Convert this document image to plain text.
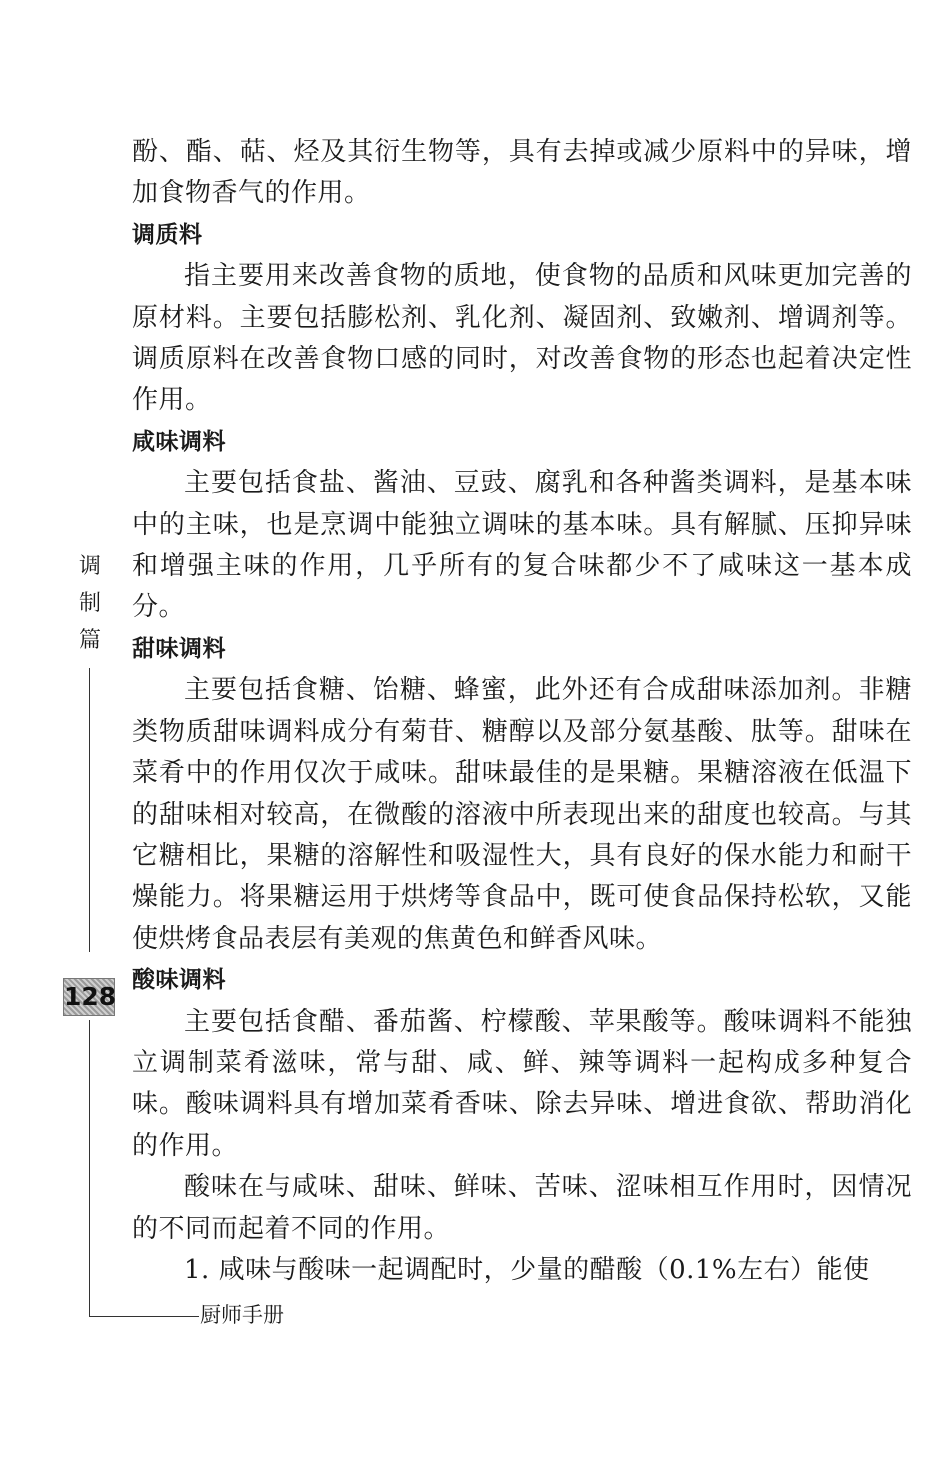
酚、酯、萜、烃及其衍生物等，具有去掉或减少原料中的异味，增加食物香气的作用。

调质料

指主要用来改善食物的质地，使食物的品质和风味更加完善的原材料。主要包括膨松剂、乳化剂、凝固剂、致嫩剂、增调剂等。调质原料在改善食物口感的同时，对改善食物的形态也起着决定性作用。

咸味调料

主要包括食盐、酱油、豆豉、腐乳和各种酱类调料，是基本味中的主味，也是烹调中能独立调味的基本味。具有解腻、压抑异味和增强主味的作用，几乎所有的复合味都少不了咸味这一基本成分。

甜味调料

主要包括食糖、饴糖、蜂蜜，此外还有合成甜味添加剂。非糖类物质甜味调料成分有菊苷、糖醇以及部分氨基酸、肽等。甜味在菜肴中的作用仅次于咸味。甜味最佳的是果糖。果糖溶液在低温下的甜味相对较高，在微酸的溶液中所表现出来的甜度也较高。与其它糖相比，果糖的溶解性和吸湿性大，具有良好的保水能力和耐干燥能力。将果糖运用于烘烤等食品中，既可使食品保持松软，又能使烘烤食品表层有美观的焦黄色和鲜香风味。

酸味调料

主要包括食醋、番茄酱、柠檬酸、苹果酸等。酸味调料不能独立调制菜肴滋味，常与甜、咸、鲜、辣等调料一起构成多种复合味。酸味调料具有增加菜肴香味、除去异味、增进食欲、帮助消化的作用。

酸味在与咸味、甜味、鲜味、苦味、涩味相互作用时，因情况的不同而起着不同的作用。

1. 咸味与酸味一起调配时，少量的醋酸（0.1%左右）能使

调
制
篇
128
厨师手册
